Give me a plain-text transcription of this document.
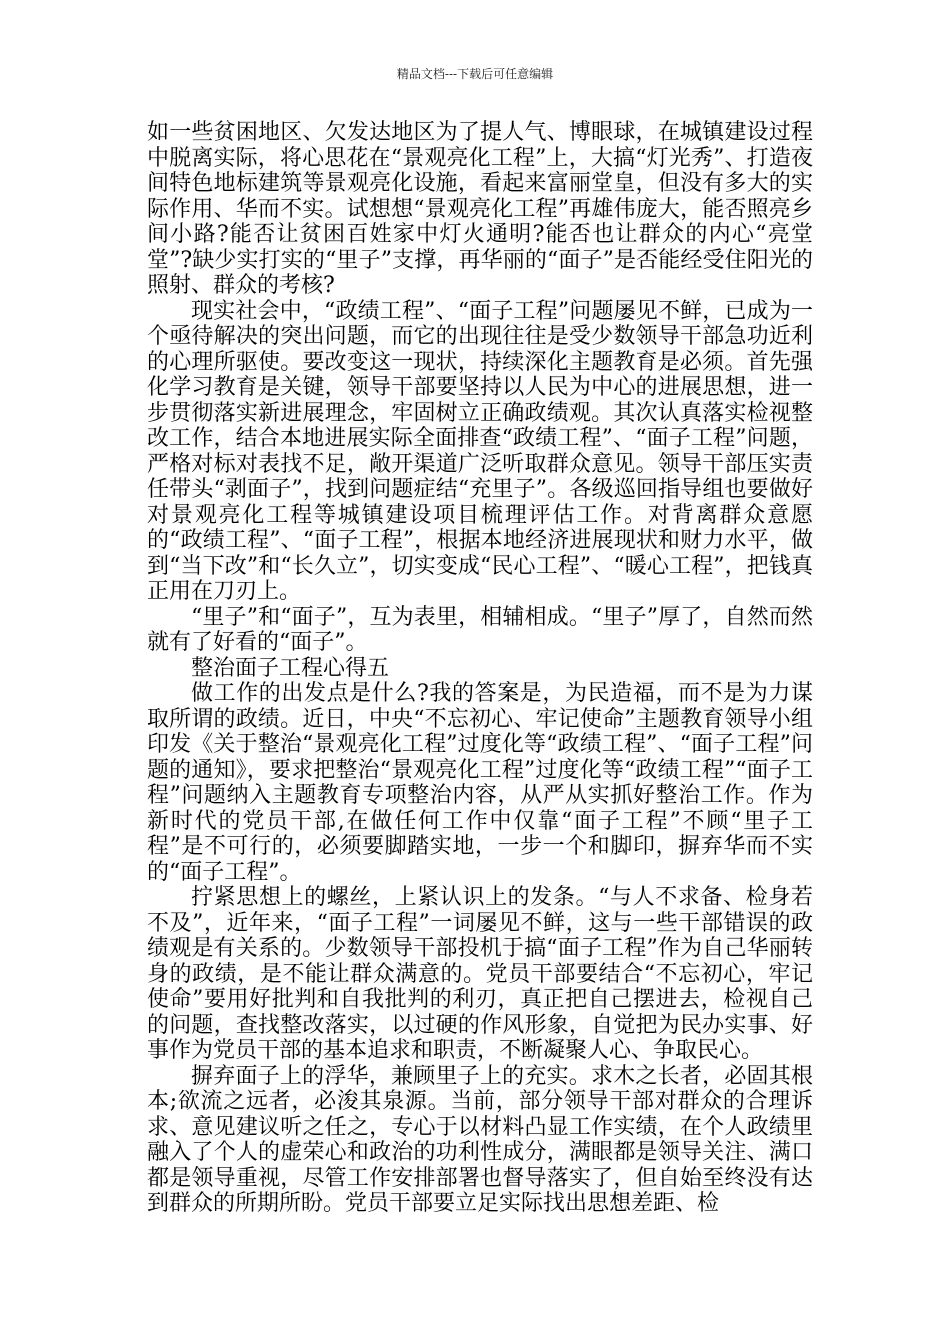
精品文档---下载后可任意编辑

如一些贫困地区、欠发达地区为了提人气、博眼球，在城镇建设过程中脱离实际，将心思花在“景观亮化工程”上，大搞“灯光秀”、打造夜间特色地标建筑等景观亮化设施，看起来富丽堂皇，但没有多大的实际作用、华而不实。试想想“景观亮化工程”再雄伟庞大，能否照亮乡间小路?能否让贫困百姓家中灯火通明?能否也让群众的内心“亮堂堂”?缺少实打实的“里子”支撑，再华丽的“面子”是否能经受住阳光的照射、群众的考核?

现实社会中，“政绩工程”、“面子工程”问题屡见不鲜，已成为一个亟待解决的突出问题，而它的出现往往是受少数领导干部急功近利的心理所驱使。要改变这一现状，持续深化主题教育是必须。首先强化学习教育是关键，领导干部要坚持以人民为中心的进展思想，进一步贯彻落实新进展理念，牢固树立正确政绩观。其次认真落实检视整改工作，结合本地进展实际全面排查“政绩工程”、“面子工程”问题，严格对标对表找不足，敞开渠道广泛听取群众意见。领导干部压实责任带头“剥面子”，找到问题症结“充里子”。各级巡回指导组也要做好对景观亮化工程等城镇建设项目梳理评估工作。对背离群众意愿的“政绩工程”、“面子工程”，根据本地经济进展现状和财力水平，做到“当下改”和“长久立”，切实变成“民心工程”、“暖心工程”，把钱真正用在刀刃上。

“里子”和“面子”，互为表里，相辅相成。“里子”厚了，自然而然就有了好看的“面子”。

整治面子工程心得五

做工作的出发点是什么?我的答案是，为民造福，而不是为力谋取所谓的政绩。近日，中央“不忘初心、牢记使命”主题教育领导小组印发《关于整治“景观亮化工程”过度化等“政绩工程”、“面子工程”问题的通知》，要求把整治“景观亮化工程”过度化等“政绩工程”“面子工程”问题纳入主题教育专项整治内容，从严从实抓好整治工作。作为新时代的党员干部,在做任何工作中仅靠“面子工程”不顾“里子工程”是不可行的，必须要脚踏实地，一步一个和脚印，摒弃华而不实的“面子工程”。

拧紧思想上的螺丝，上紧认识上的发条。“与人不求备、检身若不及”，近年来，“面子工程”一词屡见不鲜，这与一些干部错误的政绩观是有关系的。少数领导干部投机于搞“面子工程”作为自己华丽转身的政绩，是不能让群众满意的。党员干部要结合“不忘初心，牢记使命”要用好批判和自我批判的利刃，真正把自己摆进去，检视自己的问题，查找整改落实，以过硬的作风形象，自觉把为民办实事、好事作为党员干部的基本追求和职责，不断凝聚人心、争取民心。

摒弃面子上的浮华，兼顾里子上的充实。求木之长者，必固其根本;欲流之远者，必浚其泉源。当前，部分领导干部对群众的合理诉求、意见建议听之任之，专心于以材料凸显工作实绩，在个人政绩里融入了个人的虚荣心和政治的功利性成分，满眼都是领导关注、满口都是领导重视，尽管工作安排部署也督导落实了，但自始至终没有达到群众的所期所盼。党员干部要立足实际找出思想差距、检
